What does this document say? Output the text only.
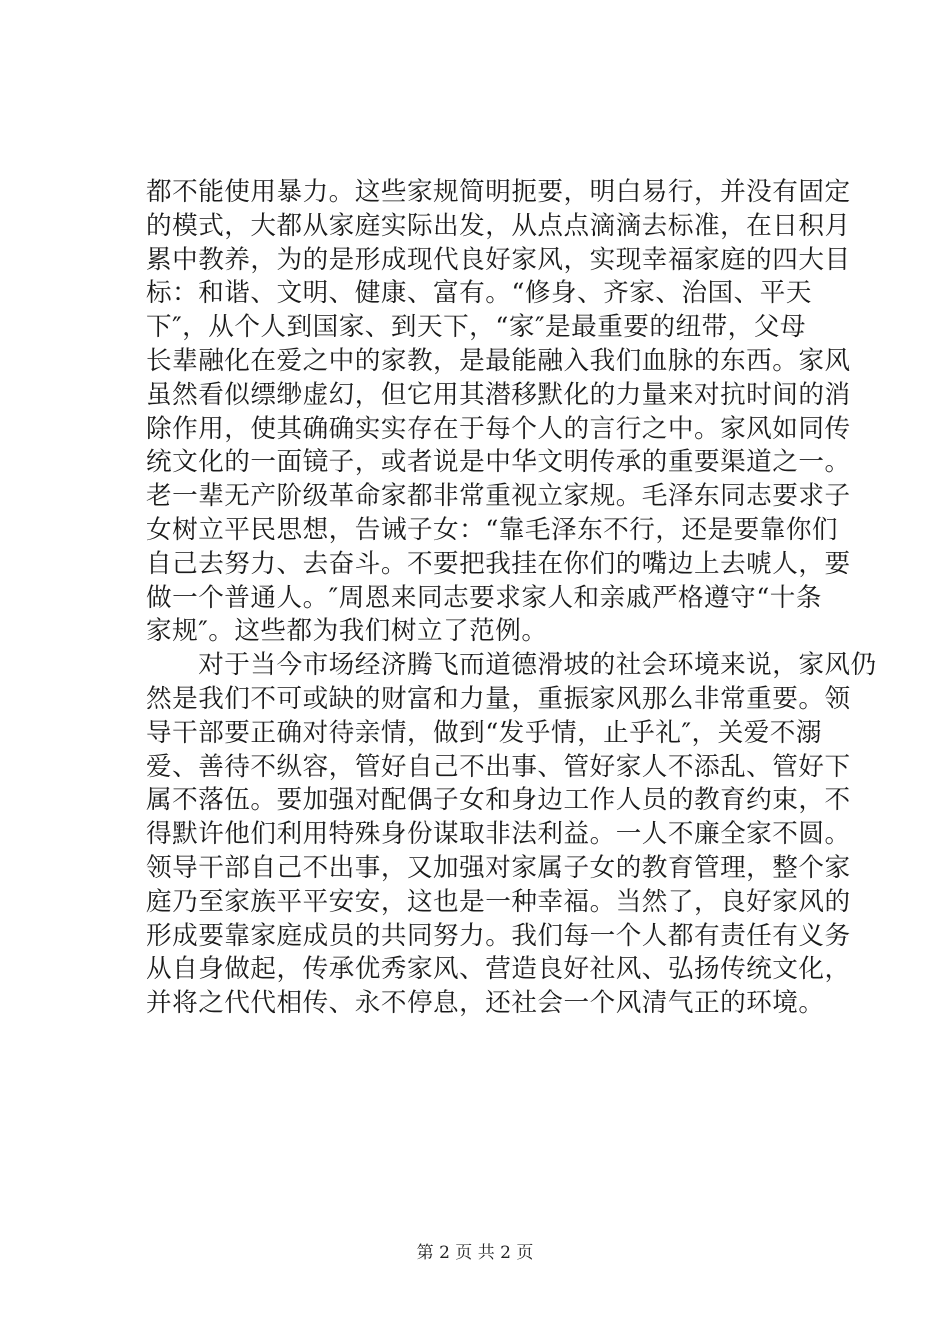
都不能使用暴力。这些家规简明扼要，明白易行，并没有固定
的模式，大都从家庭实际出发，从点点滴滴去标准，在日积月
累中教养，为的是形成现代良好家风，实现幸福家庭的四大目
标：和谐、文明、健康、富有。“修身、齐家、治国、平天
下″，从个人到国家、到天下，“家″是最重要的纽带，父母
长辈融化在爱之中的家教，是最能融入我们血脉的东西。家风
虽然看似缥缈虚幻，但它用其潜移默化的力量来对抗时间的消
除作用，使其确确实实存在于每个人的言行之中。家风如同传
统文化的一面镜子，或者说是中华文明传承的重要渠道之一。
老一辈无产阶级革命家都非常重视立家规。毛泽东同志要求子
女树立平民思想，告诫子女：“靠毛泽东不行，还是要靠你们
自己去努力、去奋斗。不要把我挂在你们的嘴边上去唬人，要
做一个普通人。″周恩来同志要求家人和亲戚严格遵守“十条
家规″。这些都为我们树立了范例。
　　对于当今市场经济腾飞而道德滑坡的社会环境来说，家风仍
然是我们不可或缺的财富和力量，重振家风那么非常重要。领
导干部要正确对待亲情，做到“发乎情，止乎礼″，关爱不溺
爱、善待不纵容，管好自己不出事、管好家人不添乱、管好下
属不落伍。要加强对配偶子女和身边工作人员的教育约束，不
得默许他们利用特殊身份谋取非法利益。一人不廉全家不圆。
领导干部自己不出事，又加强对家属子女的教育管理，整个家
庭乃至家族平平安安，这也是一种幸福。当然了，良好家风的
形成要靠家庭成员的共同努力。我们每一个人都有责任有义务
从自身做起，传承优秀家风、营造良好社风、弘扬传统文化，
并将之代代相传、永不停息，还社会一个风清气正的环境。
第 2 页 共 2 页
